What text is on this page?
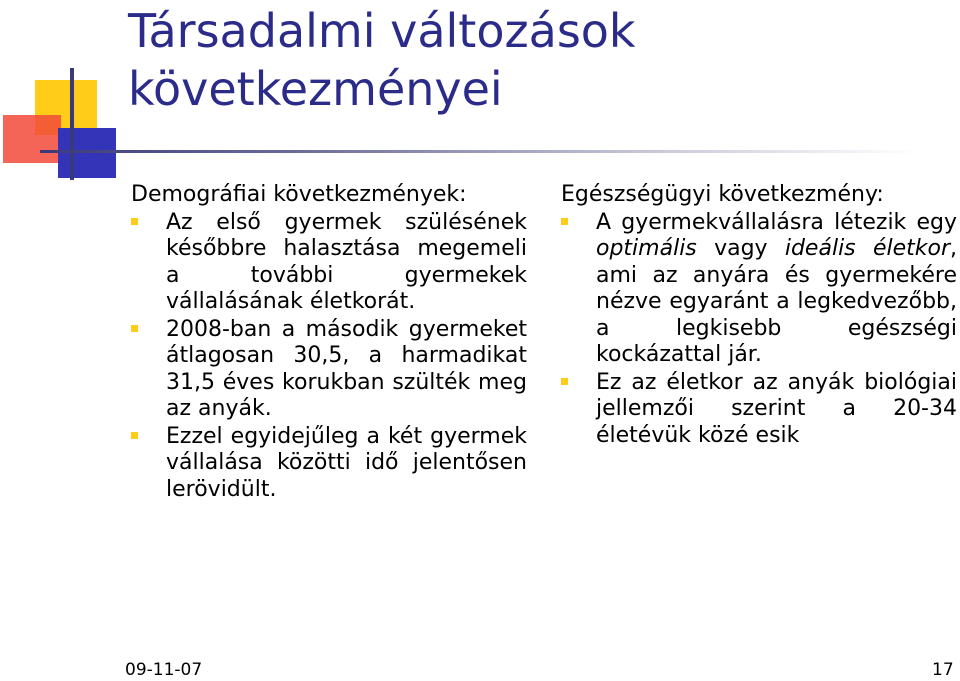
Társadalmi változások
következményei

Demográfiai következmények:

Az első gyermek szülésének későbbre halasztása megemeli a további gyermekek vállalásának életkorát.
2008-ban a második gyermeket átlagosan 30,5, a harmadikat 31,5 éves korukban szülték meg az anyák.
Ezzel egyidejűleg a két gyermek vállalása közötti idő jelentősen lerövidült.

Egészségügyi következmény:

A gyermekvállalásra létezik egy optimális vagy ideális életkor, ami az anyára és gyermekére nézve egyaránt a legkedvezőbb, a legkisebb egészségi kockázattal jár.
Ez az életkor az anyák biológiai jellemzői szerint a 20-34 életévük közé esik
09-11-07	17
